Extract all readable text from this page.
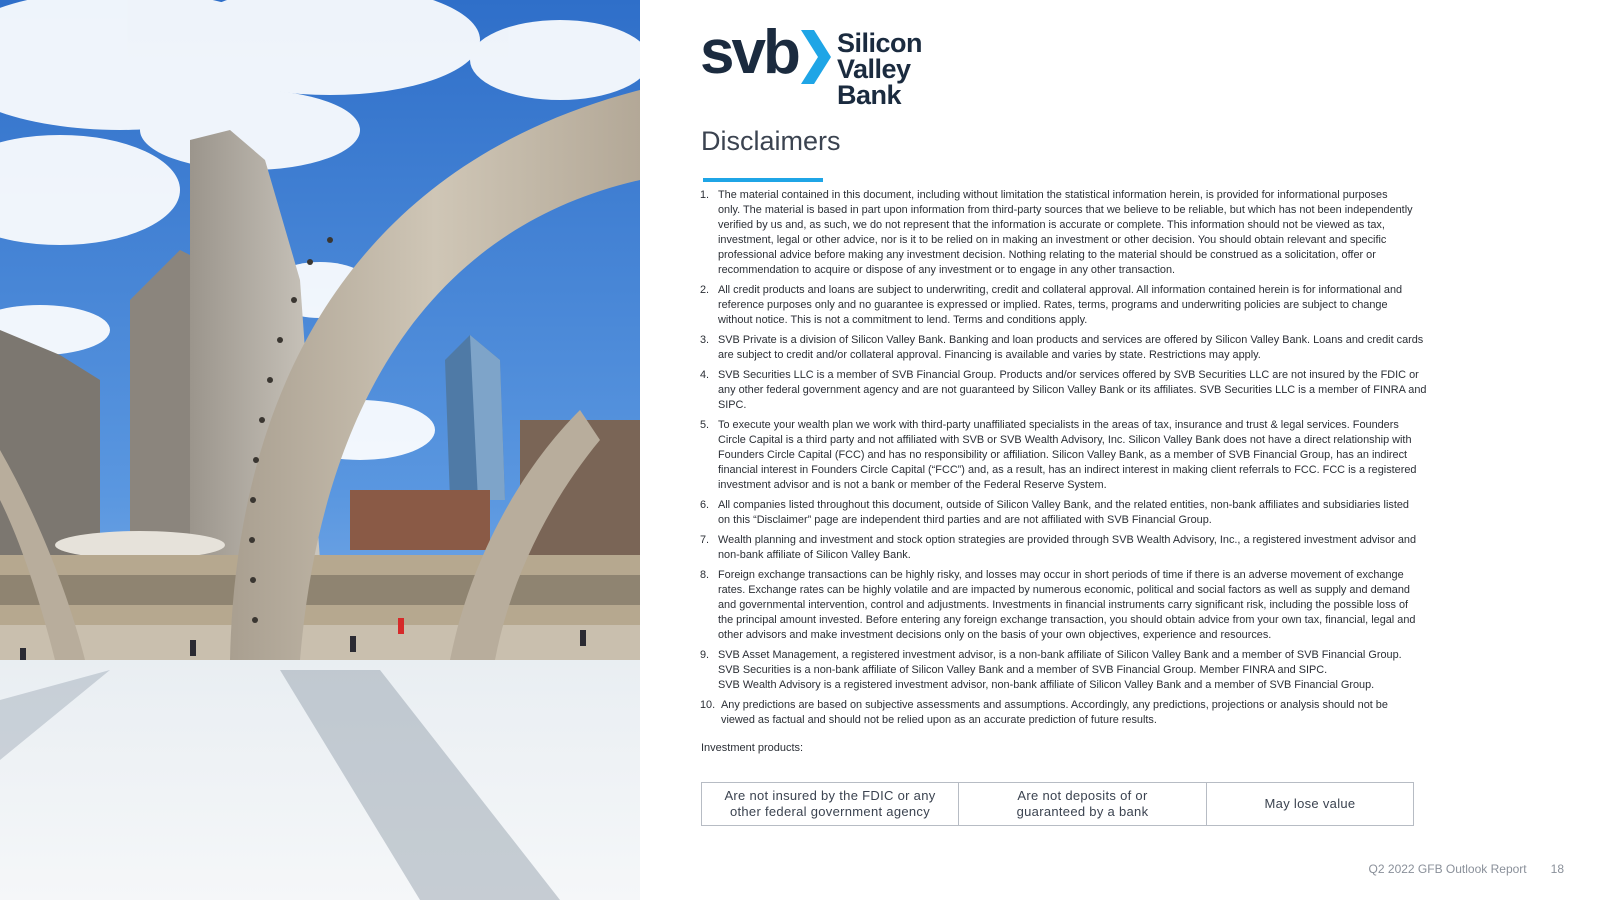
svb Silicon Valley
Bank
Disclaimers
1. The material contained in this document, including without limitation the statistical information herein, is provided for informational purposes
only. The material is based in part upon information from third-party sources that we believe to be reliable, but which has not been independently
verified by us and, as such, we do not represent that the information is accurate or complete. This information should not be viewed as tax,
investment, legal or other advice, nor is it to be relied on in making an investment or other decision. You should obtain relevant and specific
professional advice before making any investment decision. Nothing relating to the material should be construed as a solicitation, offer or
recommendation to acquire or dispose of any investment or to engage in any other transaction.
2. All credit products and loans are subject to underwriting, credit and collateral approval. All information contained herein is for informational and
reference purposes only and no guarantee is expressed or implied. Rates, terms, programs and underwriting policies are subject to change
without notice. This is not a commitment to lend. Terms and conditions apply.
3. SVB Private is a division of Silicon Valley Bank. Banking and loan products and services are offered by Silicon Valley Bank. Loans and credit cards
are subject to credit and/or collateral approval. Financing is available and varies by state. Restrictions may apply.
4. SVB Securities LLC is a member of SVB Financial Group. Products and/or services offered by SVB Securities LLC are not insured by the FDIC or
any other federal government agency and are not guaranteed by Silicon Valley Bank or its affiliates. SVB Securities LLC is a member of FINRA and
SIPC.
5. To execute your wealth plan we work with third-party unaffiliated specialists in the areas of tax, insurance and trust & legal services. Founders
Circle Capital is a third party and not affiliated with SVB or SVB Wealth Advisory, Inc. Silicon Valley Bank does not have a direct relationship with
Founders Circle Capital (FCC) and has no responsibility or affiliation. Silicon Valley Bank, as a member of SVB Financial Group, has an indirect
financial interest in Founders Circle Capital (“FCC”) and, as a result, has an indirect interest in making client referrals to FCC. FCC is a registered
investment advisor and is not a bank or member of the Federal Reserve System.
6. All companies listed throughout this document, outside of Silicon Valley Bank, and the related entities, non-bank affiliates and subsidiaries listed
on this “Disclaimer” page are independent third parties and are not affiliated with SVB Financial Group.
7. Wealth planning and investment and stock option strategies are provided through SVB Wealth Advisory, Inc., a registered investment advisor and
non-bank affiliate of Silicon Valley Bank.
8. Foreign exchange transactions can be highly risky, and losses may occur in short periods of time if there is an adverse movement of exchange
rates. Exchange rates can be highly volatile and are impacted by numerous economic, political and social factors as well as supply and demand
and governmental intervention, control and adjustments. Investments in financial instruments carry significant risk, including the possible loss of
the principal amount invested. Before entering any foreign exchange transaction, you should obtain advice from your own tax, financial, legal and
other advisors and make investment decisions only on the basis of your own objectives, experience and resources.
9. SVB Asset Management, a registered investment advisor, is a non-bank affiliate of Silicon Valley Bank and a member of SVB Financial Group.
SVB Securities is a non-bank affiliate of Silicon Valley Bank and a member of SVB Financial Group. Member FINRA and SIPC.
SVB Wealth Advisory is a registered investment advisor, non-bank affiliate of Silicon Valley Bank and a member of SVB Financial Group.
10. Any predictions are based on subjective assessments and assumptions. Accordingly, any predictions, projections or analysis should not be
viewed as factual and should not be relied upon as an accurate prediction of future results.
Investment products:
Are not insured by the FDIC or any
other federal government agency
Are not deposits of or
guaranteed by a bank
May lose value
Q2 2022 GFB Outlook Report 18
